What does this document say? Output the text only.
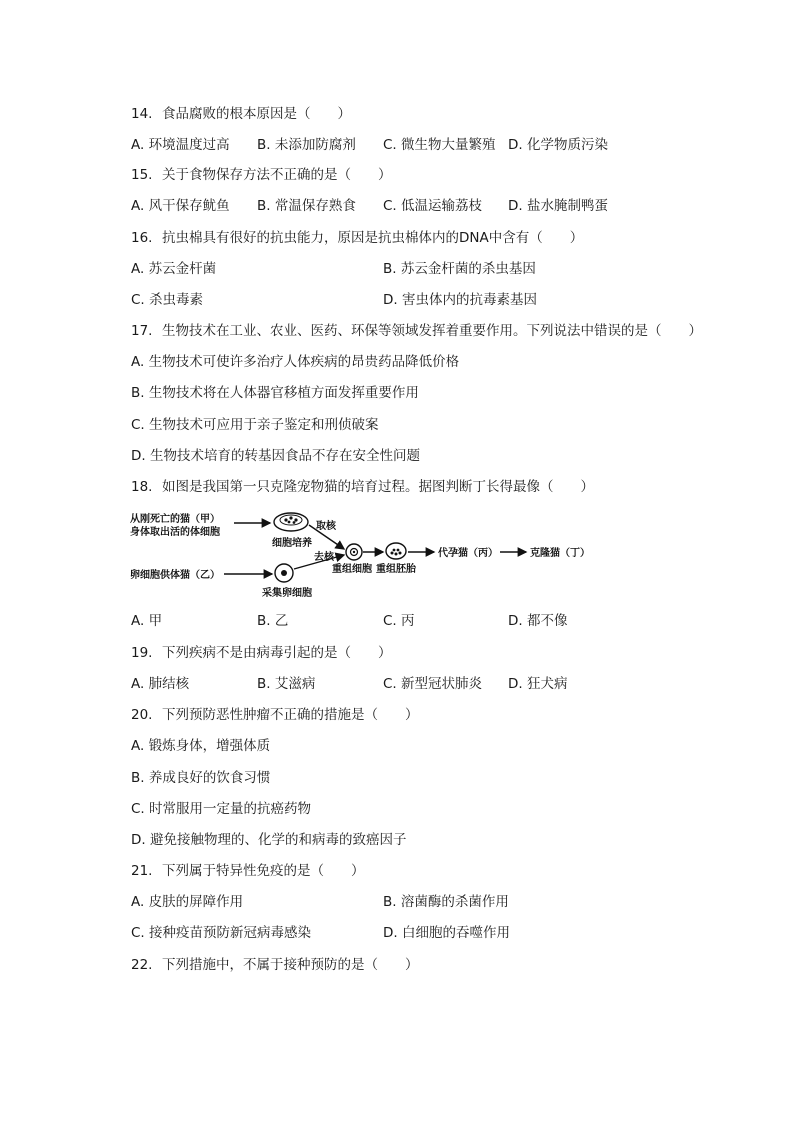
14. 食品腐败的根本原因是（　　）
A. 环境温度过高 B. 未添加防腐剂 C. 微生物大量繁殖 D. 化学物质污染
15. 关于食物保存方法不正确的是（　　）
A. 风干保存鱿鱼 B. 常温保存熟食 C. 低温运输荔枝 D. 盐水腌制鸭蛋
16. 抗虫棉具有很好的抗虫能力，原因是抗虫棉体内的DNA中含有（　　）
A. 苏云金杆菌	B. 苏云金杆菌的杀虫基因
C. 杀虫毒素	D. 害虫体内的抗毒素基因
17. 生物技术在工业、农业、医药、环保等领域发挥着重要作用。下列说法中错误的是（　　）
A. 生物技术可使许多治疗人体疾病的昂贵药品降低价格
B. 生物技术将在人体器官移植方面发挥重要作用
C. 生物技术可应用于亲子鉴定和刑侦破案
D. 生物技术培育的转基因食品不存在安全性问题
18. 如图是我国第一只克隆宠物猫的培育过程。据图判断丁长得最像（　　）
从刚死亡的猫（甲）
身体取出活的体细胞
细胞培养
取核
卵细胞供体猫（乙）
采集卵细胞
去核
重组细胞 重组胚胎
代孕猫（丙）	克隆猫（丁）
A. 甲	B. 乙	C. 丙	D. 都不像
19. 下列疾病不是由病毒引起的是（　　）
A. 肺结核	B. 艾滋病	C. 新型冠状肺炎 D. 狂犬病
20. 下列预防恶性肿瘤不正确的措施是（　　）
A. 锻炼身体，增强体质
B. 养成良好的饮食习惯
C. 时常服用一定量的抗癌药物
D. 避免接触物理的、化学的和病毒的致癌因子
21. 下列属于特异性免疫的是（　　）
A. 皮肤的屏障作用	B. 溶菌酶的杀菌作用
C. 接种疫苗预防新冠病毒感染	D. 白细胞的吞噬作用
22. 下列措施中，不属于接种预防的是（　　）
